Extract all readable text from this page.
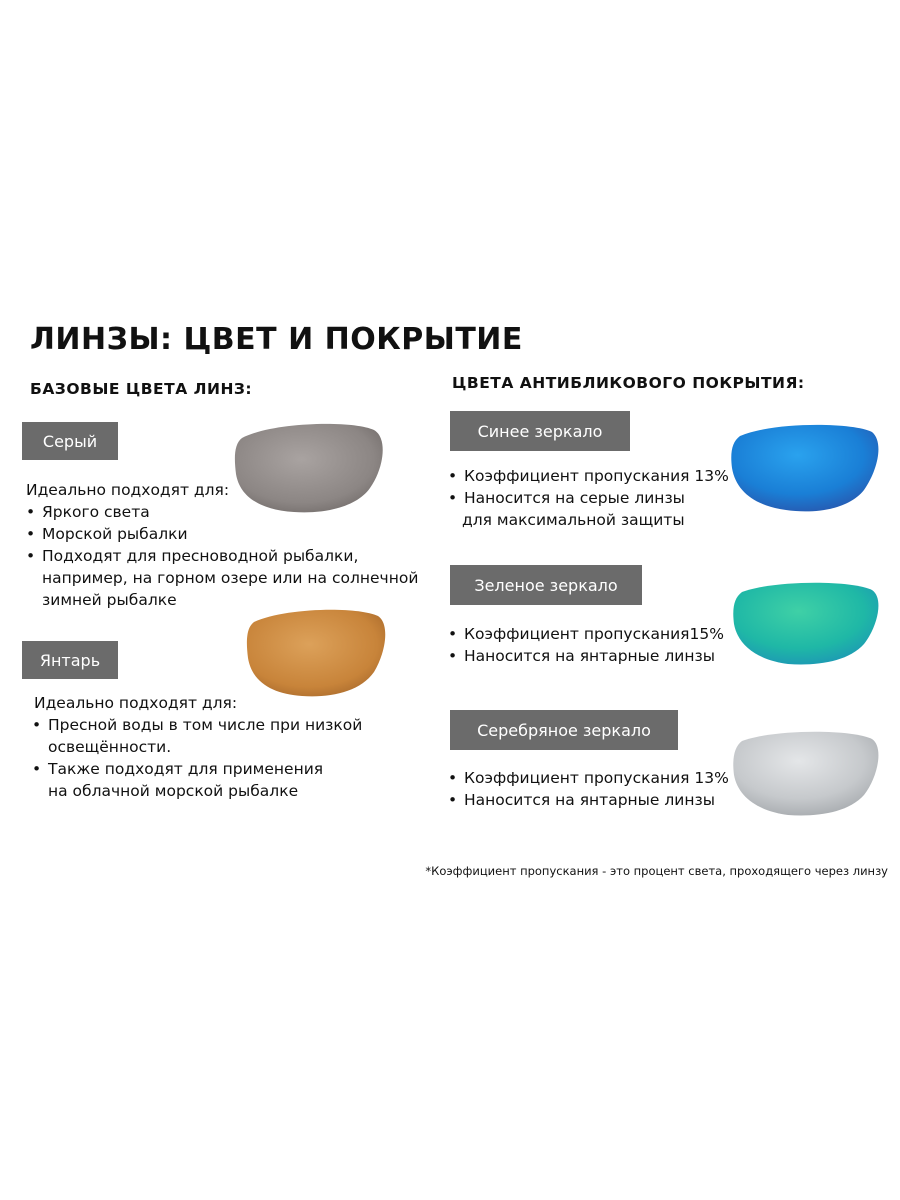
ЛИНЗЫ: ЦВЕТ И ПОКРЫТИЕ
БАЗОВЫЕ ЦВЕТА ЛИНЗ:
Серый
Идеально подходят для:
• Яркого света
• Морской рыбалки
• Подходят для пресноводной рыбалки,
например, на горном озере или на солнечной
зимней рыбалке
Янтарь
Идеально подходят для:
• Пресной воды в том числе при низкой
• Также подходят для применения
освещённости.
на облачной морской рыбалке
ЦВЕТА АНТИБЛИКОВОГО ПОКРЫТИЯ:
Синее зеркало
• Коэффициент пропускания 13%
• Наносится на серые линзы
для максимальной защиты
Зеленое зеркало
• Коэффициент пропускания15%
• Наносится на янтарные линзы
Серебряное зеркало
• Коэффициент пропускания 13%
• Наносится на янтарные линзы
*Коэффициент пропускания - это процент света, проходящего через линзу
